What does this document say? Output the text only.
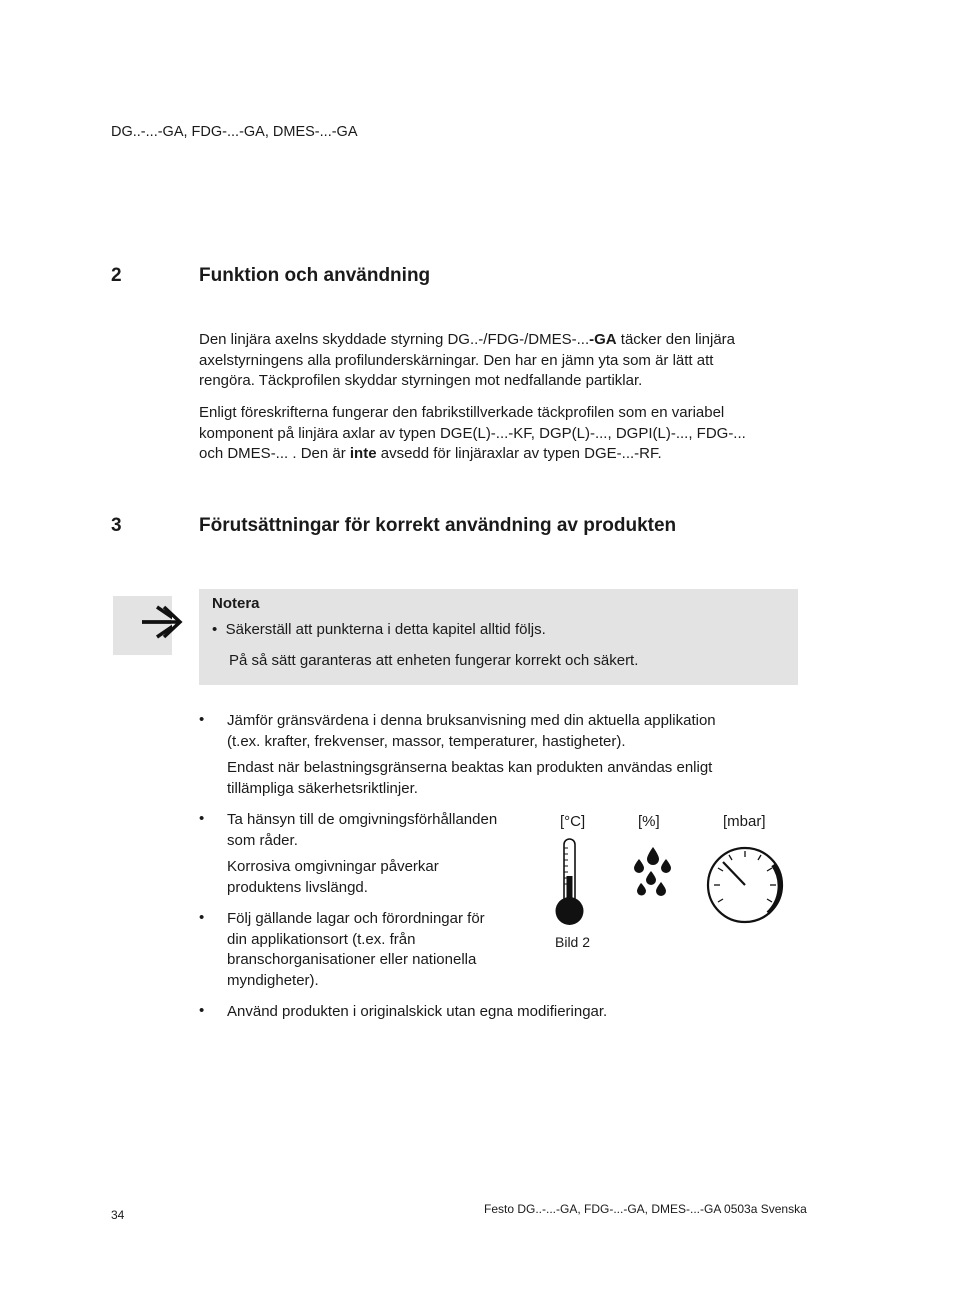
DG..-...-GA, FDG-...-GA, DMES-...-GA
2	Funktion och användning
Den linjära axelns skyddade styrning DG..-/FDG-/DMES-...-GA täcker den linjära
axelstyrningens alla profilunderskärningar. Den har en jämn yta som är lätt att
rengöra. Täckprofilen skyddar styrningen mot nedfallande partiklar.
Enligt föreskrifterna fungerar den fabrikstillverkade täckprofilen som en variabel
komponent på linjära axlar av typen DGE(L)-...-KF, DGP(L)-..., DGPI(L)-..., FDG-...
och DMES-... . Den är inte avsedd för linjäraxlar av typen DGE-...-RF.
3	Förutsättningar för korrekt användning av produkten
Notera
• Säkerställ att punkterna i detta kapitel alltid följs.
På så sätt garanteras att enheten fungerar korrekt och säkert.
• Jämför gränsvärdena i denna bruksanvisning med din aktuella applikation
(t.ex. krafter, frekvenser, massor, temperaturer, hastigheter).
Endast när belastningsgränserna beaktas kan produkten användas enligt
tillämpliga säkerhetsriktlinjer.
• Ta hänsyn till de omgivningsförhållanden
som råder.
Korrosiva omgivningar påverkar
produktens livslängd.
• Följ gällande lagar och förordningar för
din applikationsort (t.ex. från
branschorganisationer eller nationella
myndigheter).
• Använd produkten i originalskick utan egna modifieringar.
[°C]	[%]	[mbar]
Bild 2
34	Festo DG..-...-GA, FDG-...-GA, DMES-...-GA 0503a Svenska
